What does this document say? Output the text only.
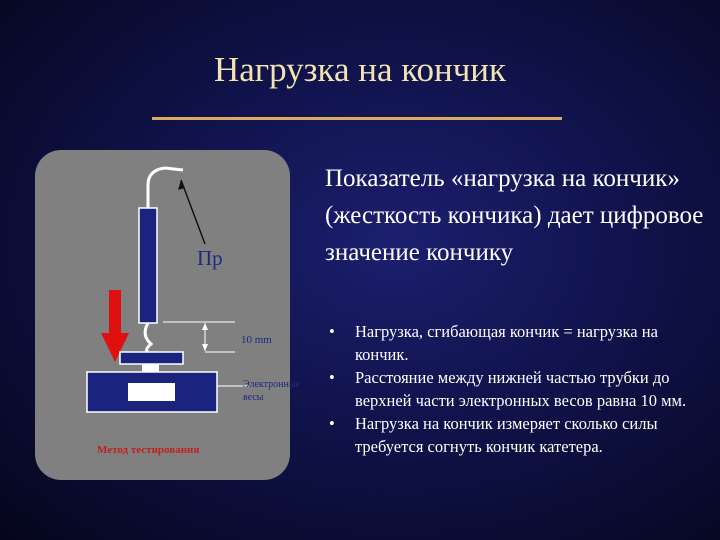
Нагрузка на кончик
Пр
10 mm
Электронные
весы
Метод тестирования
Показатель «нагрузка на кончик» (жесткость кончика) дает цифровое значение кончику
• Нагрузка, сгибающая кончик = нагрузка на кончик.
• Расстояние между нижней частью трубки до верхней части электронных весов равна 10 мм.
• Нагрузка на кончик измеряет сколько силы требуется согнуть кончик катетера.
